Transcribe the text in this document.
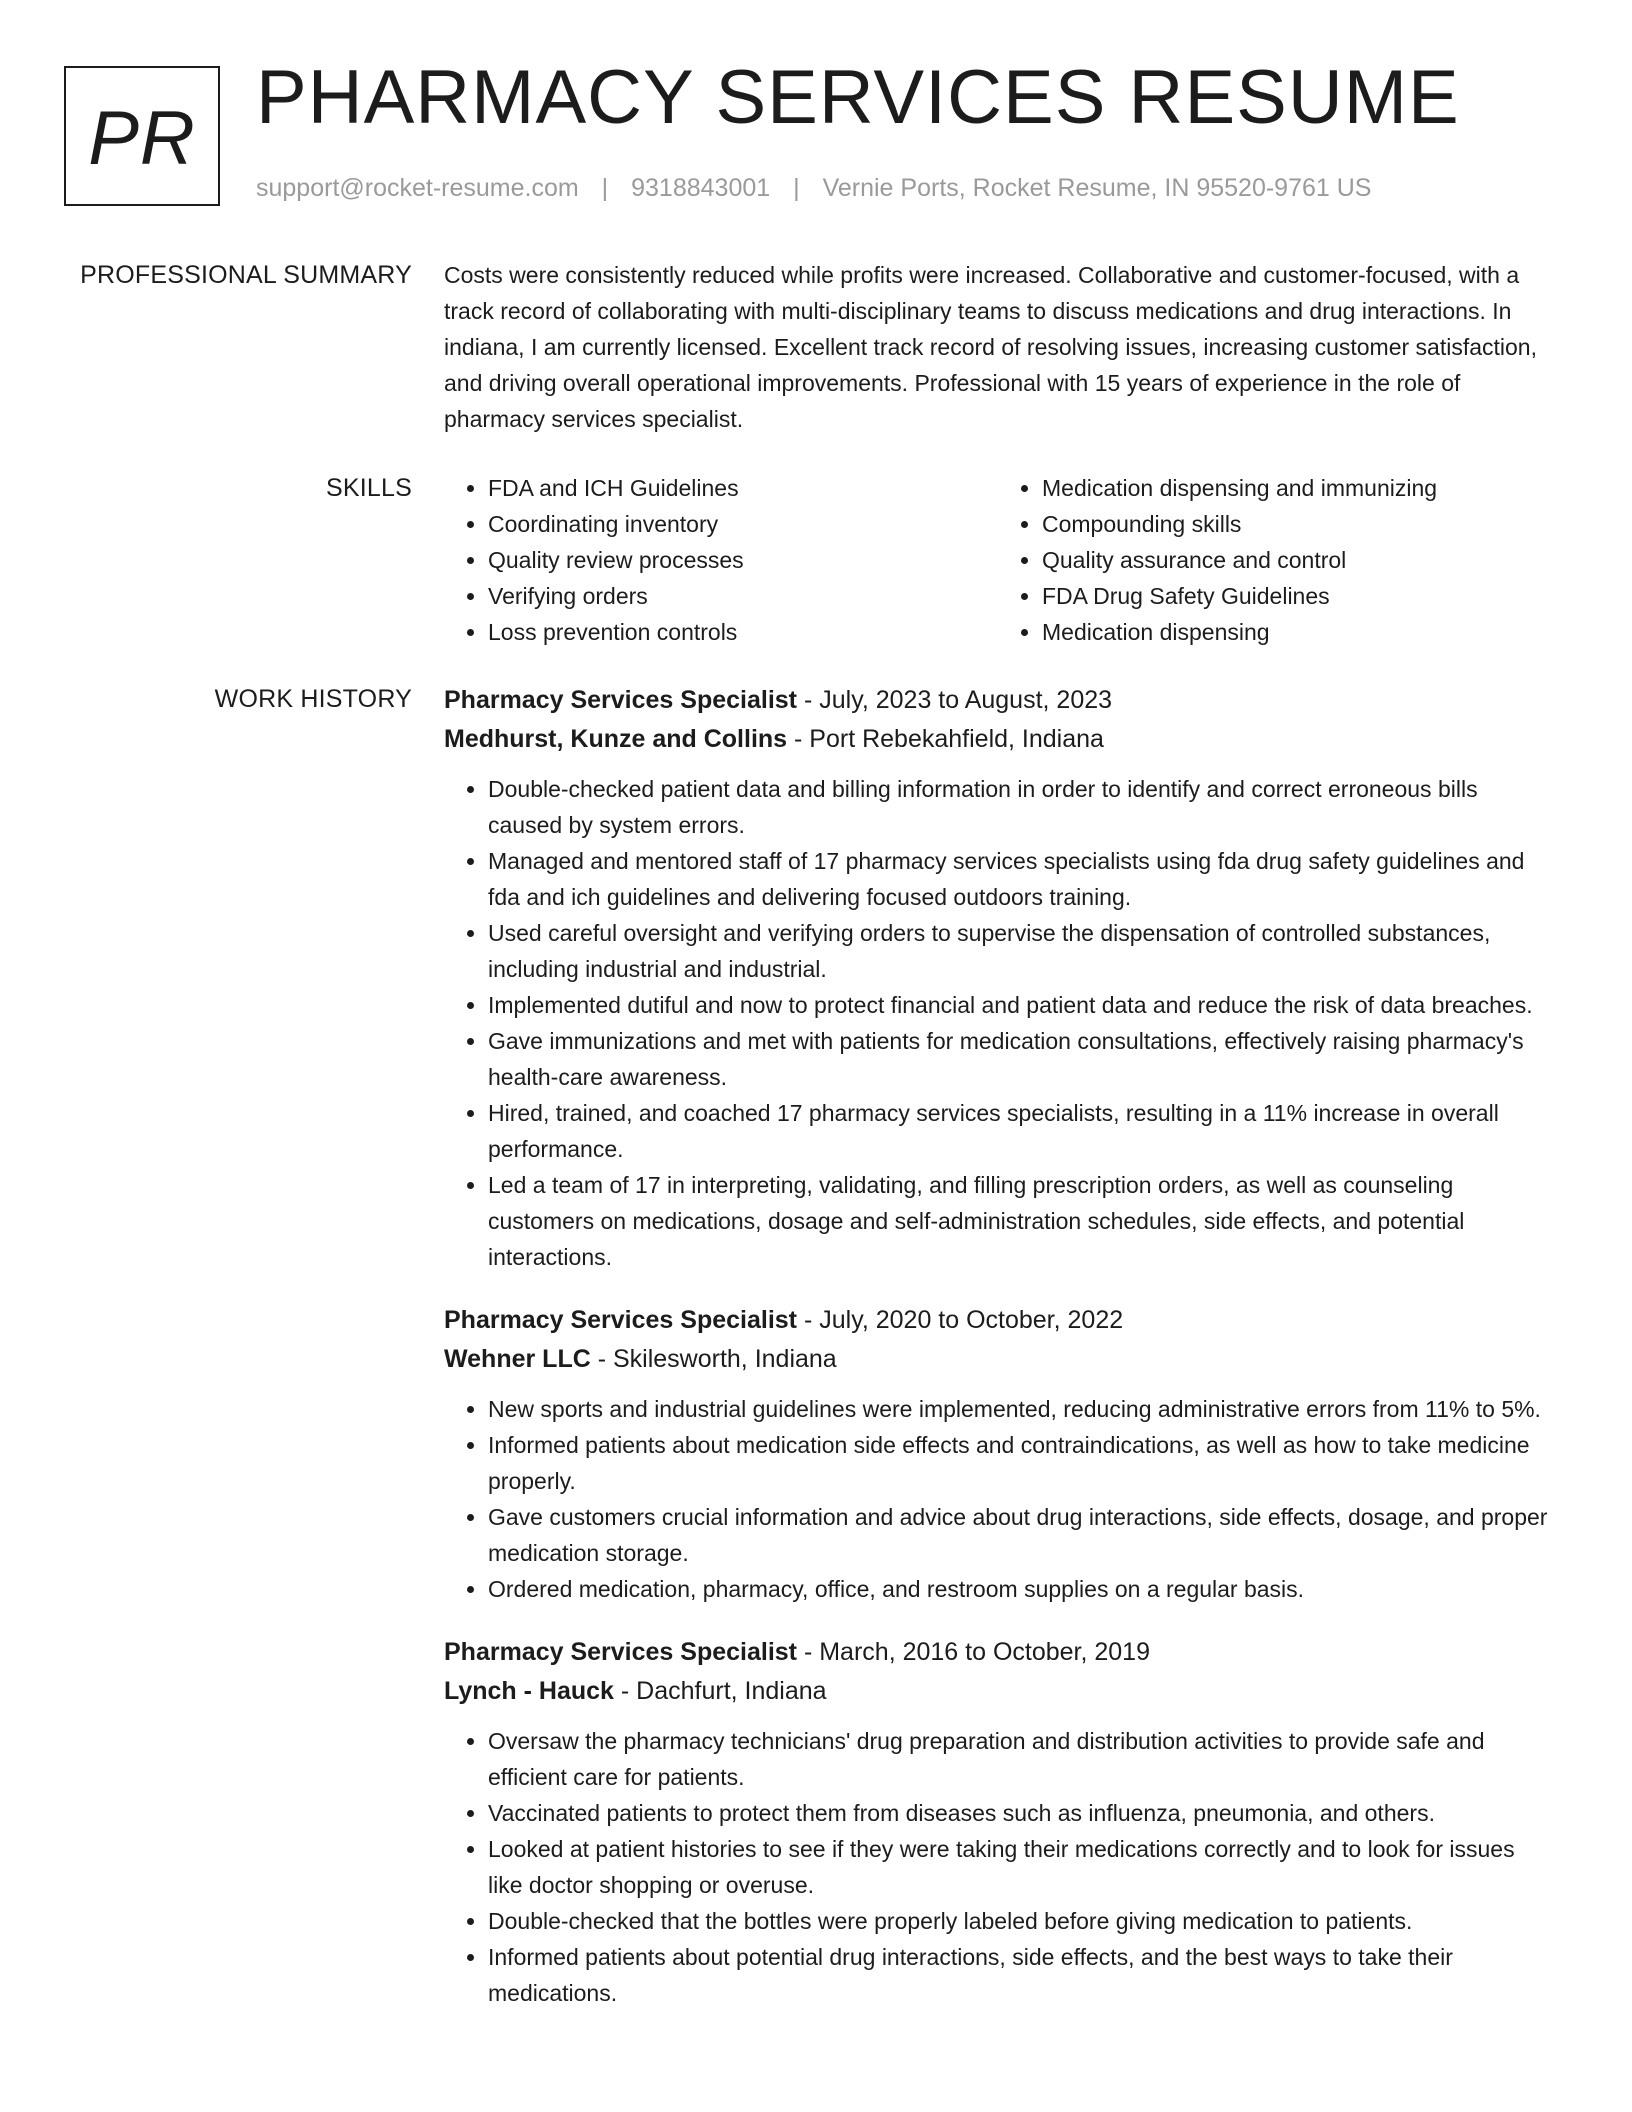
PR PHARMACY SERVICES RESUME
support@rocket-resume.com | 9318843001 | Vernie Ports, Rocket Resume, IN 95520-9761 US
PROFESSIONAL SUMMARY Costs were consistently reduced while profits were increased. Collaborative and customer-focused, with a track record of collaborating with multi-disciplinary teams to discuss medications and drug interactions. In indiana, I am currently licensed. Excellent track record of resolving issues, increasing customer satisfaction, and driving overall operational improvements. Professional with 15 years of experience in the role of pharmacy services specialist.

SKILLS
•	FDA and ICH Guidelines
• Coordinating inventory
• Quality review processes
• Verifying orders
• Loss prevention controls
• Medication dispensing and immunizing
• Compounding skills
• Quality assurance and control
• FDA Drug Safety Guidelines
• Medication dispensing
WORK HISTORY Pharmacy Services Specialist - July, 2023 to August, 2023

Medhurst, Kunze and Collins - Port Rebekahfield, Indiana

• Double-checked patient data and billing information in order to identify and correct erroneous bills caused by system errors.
• Managed and mentored staff of 17 pharmacy services specialists using fda drug safety guidelines and fda and ich guidelines and delivering focused outdoors training.
• Used careful oversight and verifying orders to supervise the dispensation of controlled substances, including industrial and industrial.
• Implemented dutiful and now to protect financial and patient data and reduce the risk of data breaches.
• Gave immunizations and met with patients for medication consultations, effectively raising pharmacy's health-care awareness.
• Hired, trained, and coached 17 pharmacy services specialists, resulting in a 11% increase in overall performance.
• Led a team of 17 in interpreting, validating, and filling prescription orders, as well as counseling customers on medications, dosage and self-administration schedules, side effects, and potential interactions.

Pharmacy Services Specialist - July, 2020 to October, 2022

Wehner LLC - Skilesworth, Indiana

• New sports and industrial guidelines were implemented, reducing administrative errors from 11% to 5%.
• Informed patients about medication side effects and contraindications, as well as how to take medicine properly.
• Gave customers crucial information and advice about drug interactions, side effects, dosage, and proper medication storage.
• Ordered medication, pharmacy, office, and restroom supplies on a regular basis.

Pharmacy Services Specialist - March, 2016 to October, 2019

Lynch - Hauck - Dachfurt, Indiana

• Oversaw the pharmacy technicians' drug preparation and distribution activities to provide safe and efficient care for patients.
• Vaccinated patients to protect them from diseases such as influenza, pneumonia, and others.
• Looked at patient histories to see if they were taking their medications correctly and to look for issues like doctor shopping or overuse.
• Double-checked that the bottles were properly labeled before giving medication to patients.
• Informed patients about potential drug interactions, side effects, and the best ways to take their medications.
